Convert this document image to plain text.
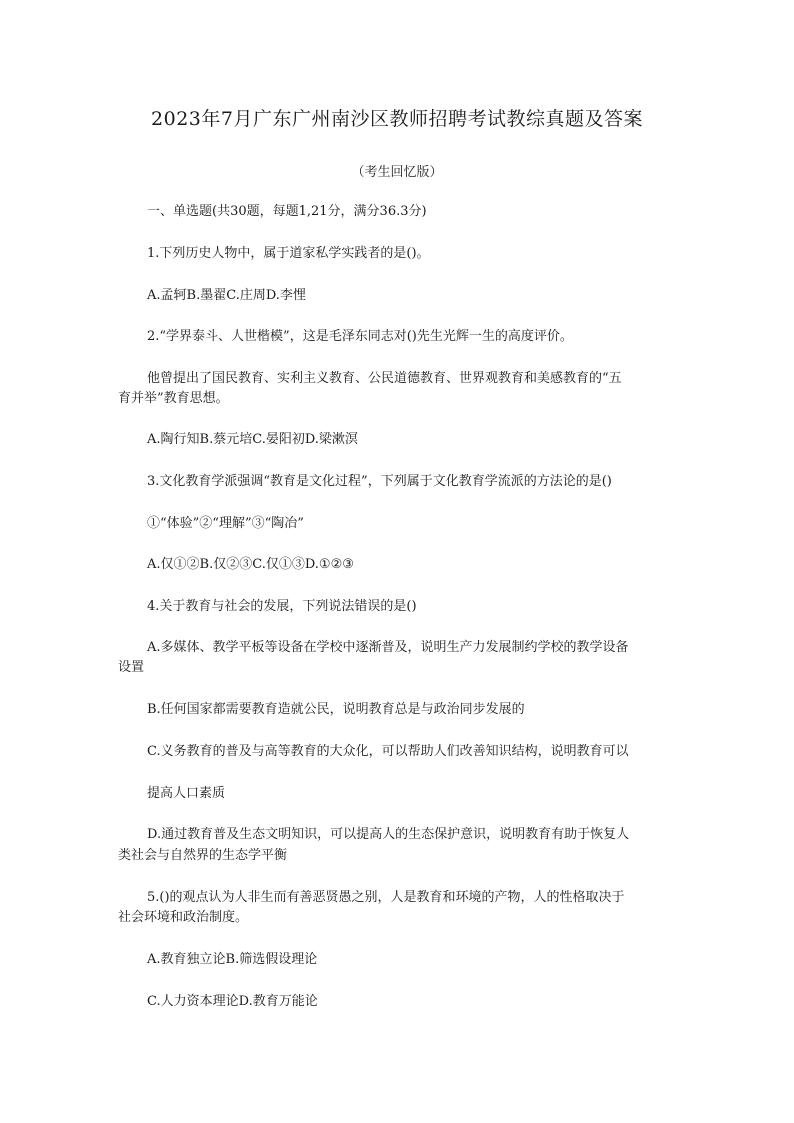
2023年7月广东广州南沙区教师招聘考试教综真题及答案
（考生回忆版）
一、单选题(共30题，每题1,21分，满分36.3分)
1.下列历史人物中，属于道家私学实践者的是()。
A.孟轲B.墨翟C.庄周D.李悝
2.“学界泰斗、人世楷模”，这是毛泽东同志对()先生光辉一生的高度评价。
他曾提出了国民教育、实利主义教育、公民道德教育、世界观教育和美感教育的“五
育并举”教育思想。
A.陶行知B.蔡元培C.晏阳初D.梁漱溟
3.文化教育学派强调“教育是文化过程”，下列属于文化教育学流派的方法论的是()
①“体验”②“理解”③“陶冶”
A.仅①②B.仅②③C.仅①③D.①②③
4.关于教育与社会的发展，下列说法错误的是()
A.多媒体、教学平板等设备在学校中逐渐普及，说明生产力发展制约学校的教学设备
设置
B.任何国家都需要教育造就公民，说明教育总是与政治同步发展的
C.义务教育的普及与高等教育的大众化，可以帮助人们改善知识结构，说明教育可以
提高人口素质
D.通过教育普及生态文明知识，可以提高人的生态保护意识，说明教育有助于恢复人
类社会与自然界的生态学平衡
5.()的观点认为人非生而有善恶贤愚之别，人是教育和环境的产物，人的性格取决于
社会环境和政治制度。
A.教育独立论B.筛选假设理论
C.人力资本理论D.教育万能论
